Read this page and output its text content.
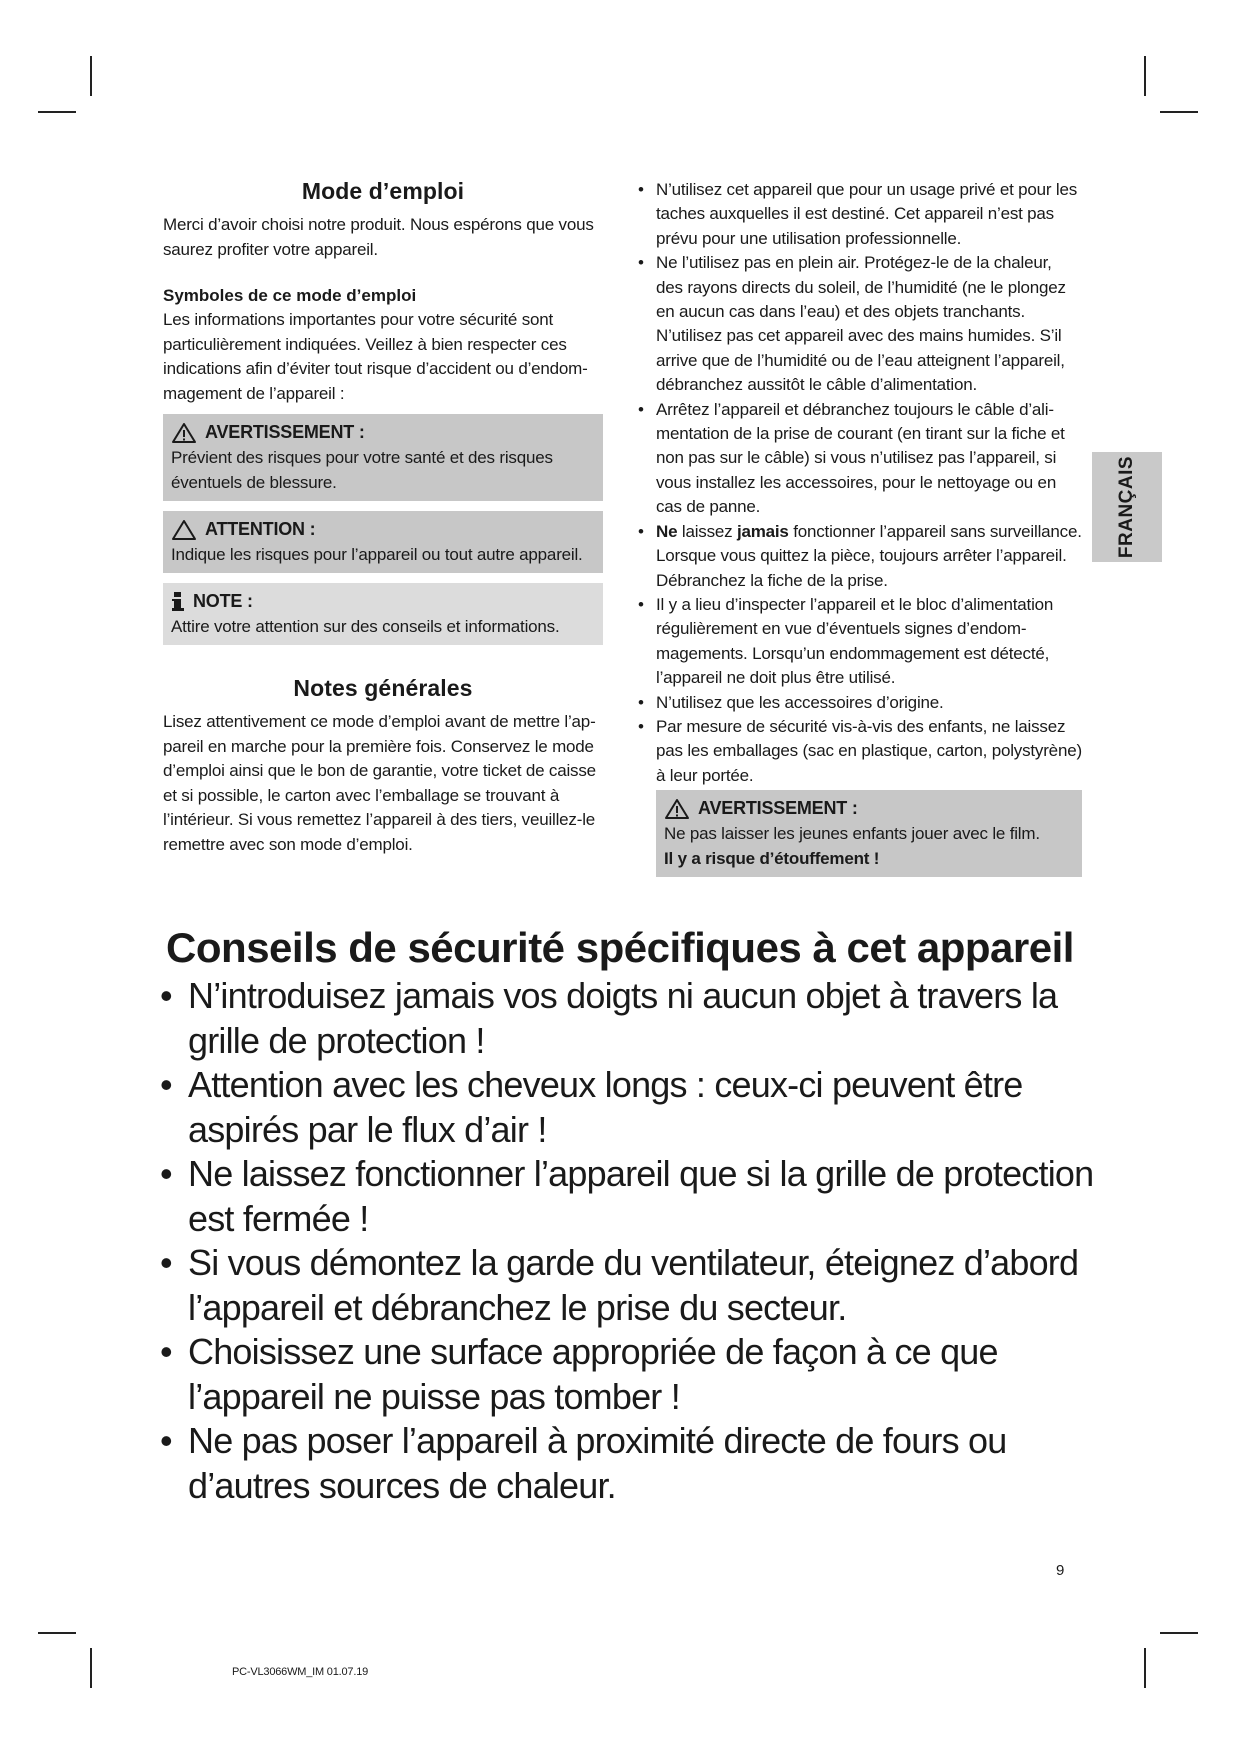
Mode d’emploi

Merci d’avoir choisi notre produit. Nous espérons que vous saurez profiter votre appareil.

Symboles de ce mode d’emploi

Les informations importantes pour votre sécurité sont particulièrement indiquées. Veillez à bien respecter ces indications afin d’éviter tout risque d’accident ou d’endommagement de l’appareil :

AVERTISSEMENT :
Prévient des risques pour votre santé et des risques éventuels de blessure.
ATTENTION :
Indique les risques pour l’appareil ou tout autre appareil.
NOTE :
Attire votre attention sur des conseils et informations.
Notes générales

Lisez attentivement ce mode d’emploi avant de mettre l’appareil en marche pour la première fois. Conservez le mode d’emploi ainsi que le bon de garantie, votre ticket de caisse et si possible, le carton avec l’emballage se trouvant à l’intérieur. Si vous remettez l’appareil à des tiers, veuillez-le remettre avec son mode d’emploi.

• N’utilisez cet appareil que pour un usage privé et pour les taches auxquelles il est destiné. Cet appareil n’est pas prévu pour une utilisation professionnelle.
• Ne l’utilisez pas en plein air. Protégez-le de la chaleur, des rayons directs du soleil, de l’humidité (ne le plongez en aucun cas dans l’eau) et des objets tranchants. N’utilisez pas cet appareil avec des mains humides. S’il arrive que de l’humidité ou de l’eau atteignent l’appareil, débranchez aussitôt le câble d’alimentation.
• Arrêtez l’appareil et débranchez toujours le câble d’alimentation de la prise de courant (en tirant sur la fiche et non pas sur le câble) si vous n’utilisez pas l’appareil, si vous installez les accessoires, pour le nettoyage ou en cas de panne.
• Ne laissez jamais fonctionner l’appareil sans surveillance. Lorsque vous quittez la pièce, toujours arrêter l’appareil. Débranchez la fiche de la prise.
• Il y a lieu d’inspecter l’appareil et le bloc d’alimentation régulièrement en vue d’éventuels signes d’endommagements. Lorsqu’un endommagement est détecté, l’appareil ne doit plus être utilisé.
• N’utilisez que les accessoires d’origine.
• Par mesure de sécurité vis-à-vis des enfants, ne laissez pas les emballages (sac en plastique, carton, polystyrène) à leur portée.
AVERTISSEMENT :
Ne pas laisser les jeunes enfants jouer avec le film.
Il y a risque d’étouffement !
FRANÇAIS
Conseils de sécurité spécifiques à cet appareil
• N’introduisez jamais vos doigts ni aucun objet à travers la grille de protection !
• Attention avec les cheveux longs : ceux-ci peuvent être aspirés par le flux d’air !
• Ne laissez fonctionner l’appareil que si la grille de protection est fermée !
• Si vous démontez la garde du ventilateur, éteignez d’abord l’appareil et débranchez le prise du secteur.
• Choisissez une surface appropriée de façon à ce que l’appareil ne puisse pas tomber !
• Ne pas poser l’appareil à proximité directe de fours ou d’autres sources de chaleur.
9
PC-VL3066WM_IM 01.07.19
